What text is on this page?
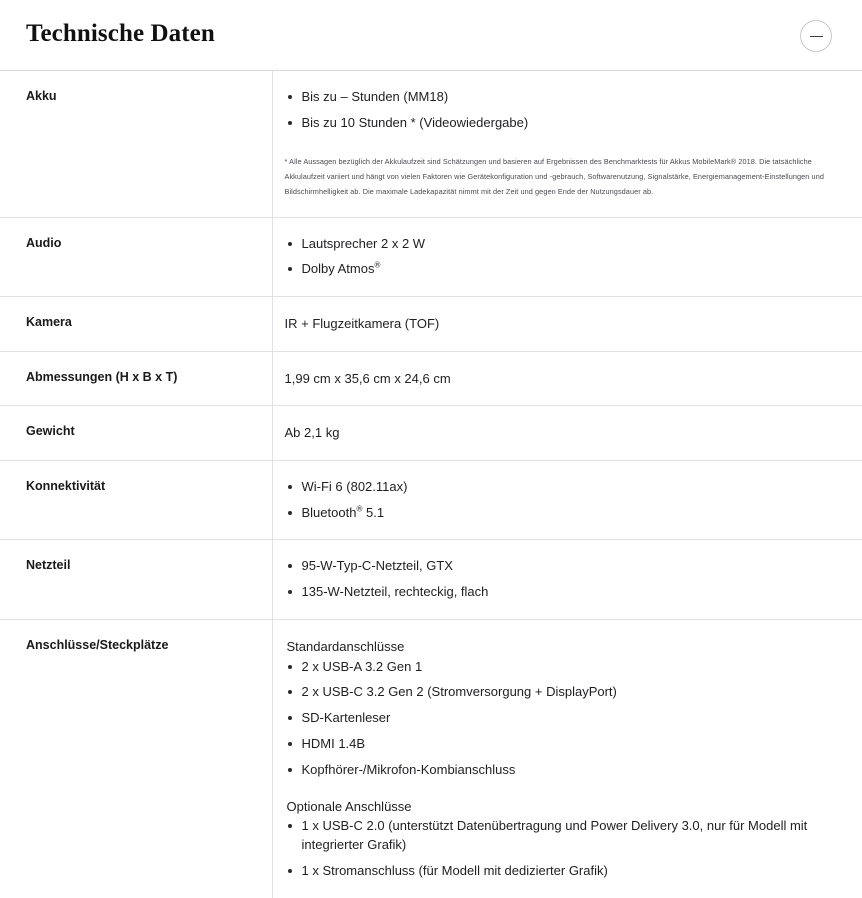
Technische Daten
Akku	Bis zu – Stunden (MM18)
Bis zu 10 Stunden * (Videowiedergabe)
* Alle Aussagen bezüglich der Akkulaufzeit sind Schätzungen und basieren auf Ergebnissen des Benchmarktests für Akkus MobileMark® 2018. Die tatsächliche Akkulaufzeit variiert und hängt von vielen Faktoren wie Gerätekonfiguration und -gebrauch, Softwarenutzung, Signalstärke, Energiemanagement-Einstellungen und Bildschirmhelligkeit ab. Die maximale Ladekapazität nimmt mit der Zeit und gegen Ende der Nutzungsdauer ab.

Audio	Lautsprecher 2 x 2 W
Dolby Atmos®

Kamera	IR + Flugzeitkamera (TOF)

Abmessungen (H x B x T)	1,99 cm x 35,6 cm x 24,6 cm

Gewicht	Ab 2,1 kg

Konnektivität	Wi-Fi 6 (802.11ax)
Bluetooth® 5.1

Netzteil	95-W-Typ-C-Netzteil, GTX
135-W-Netzteil, rechteckig, flach

Anschlüsse/Steckplätze	Standardanschlüsse
2 x USB-A 3.2 Gen 1
2 x USB-C 3.2 Gen 2 (Stromversorgung + DisplayPort)
SD-Kartenleser
HDMI 1.4B
Kopfhörer-/Mikrofon-Kombianschluss
Optionale Anschlüsse
1 x USB-C 2.0 (unterstützt Datenübertragung und Power Delivery 3.0, nur für Modell mit integrierter Grafik)
1 x Stromanschluss (für Modell mit dedizierter Grafik)
